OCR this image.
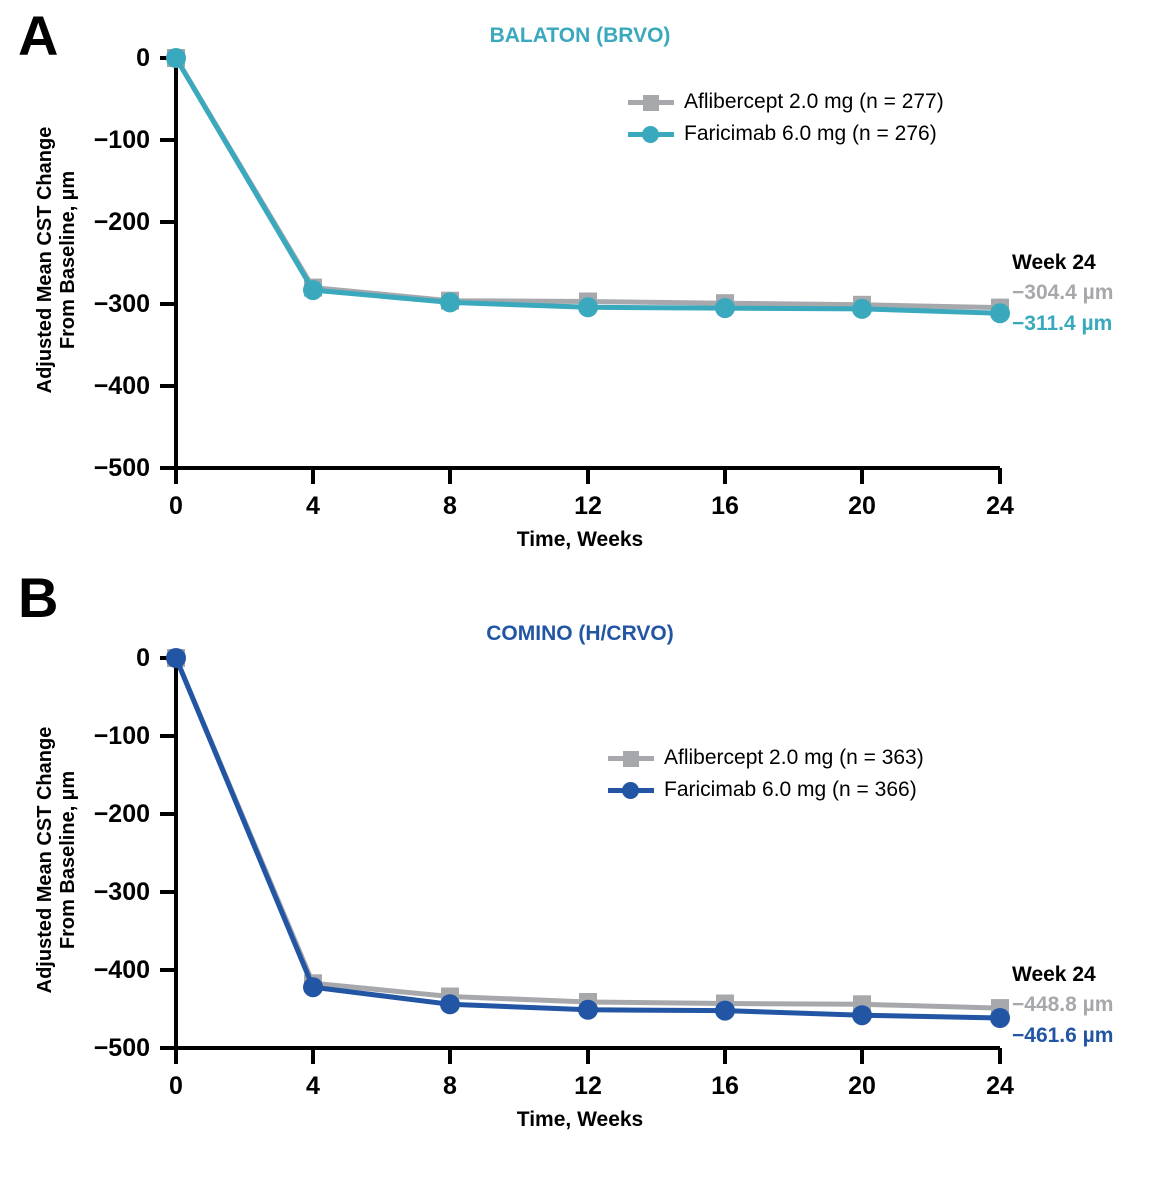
A	BALATON (BRVO)
Adjusted Mean CST Change From Baseline, µm
0
−100
−200
−300
−400
−500
0	4	8	12	16	20	24
Aflibercept 2.0 mg (n = 277)
Faricimab 6.0 mg (n = 276)
Week 24
−304.4 µm
−311.4 µm
Time, Weeks
B
COMINO (H/CRVO)
Adjusted Mean CST Change From Baseline, µm
0
−100
−200
−300
−400
−500
0	4	8	12	16	20	24
Aflibercept 2.0 mg (n = 363)
Faricimab 6.0 mg (n = 366)
Week 24
−448.8 µm
−461.6 µm
Time, Weeks
